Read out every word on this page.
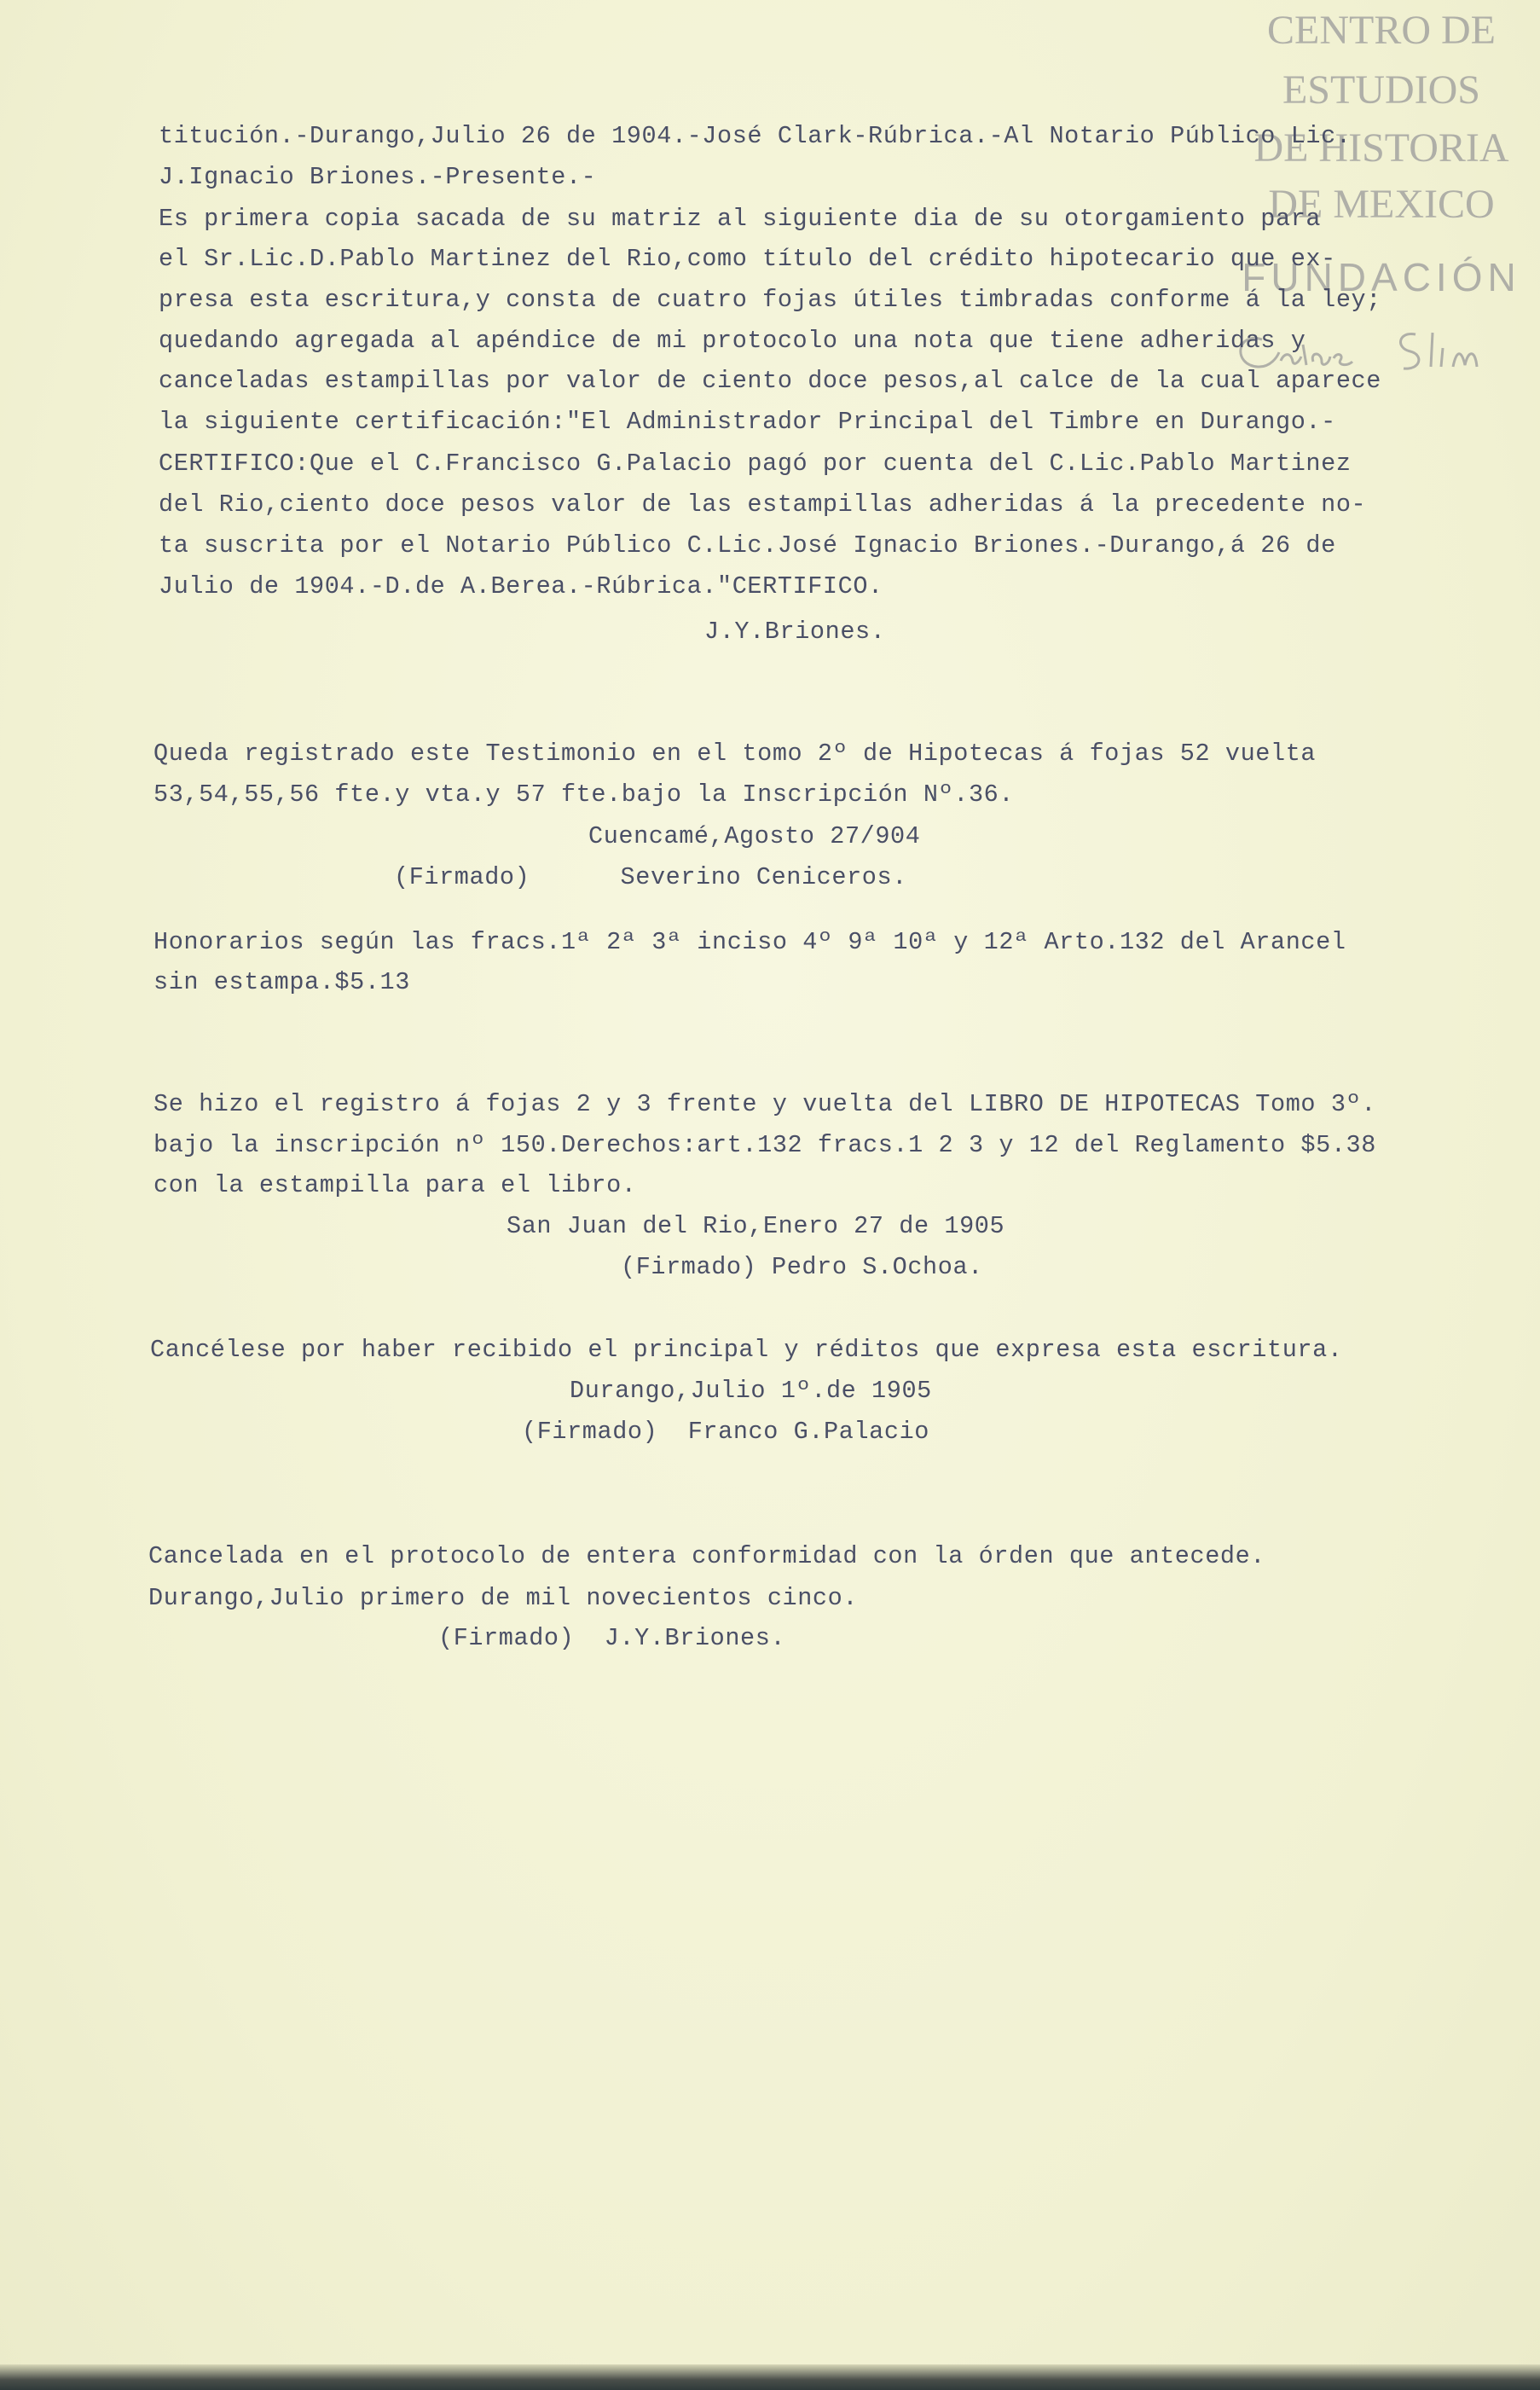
CENTRO DE

ESTUDIOS

DE HISTORIA

DE MEXICO

FUNDACIÓN

titución.-Durango,Julio 26 de 1904.-José Clark-Rúbrica.-Al Notario Público Lic.

J.Ignacio Briones.-Presente.-

Es primera copia sacada de su matriz al siguiente dia de su otorgamiento para

el Sr.Lic.D.Pablo Martinez del Rio,como título del crédito hipotecario que ex-

presa esta escritura,y consta de cuatro fojas útiles timbradas conforme á la ley;

quedando agregada al apéndice de mi protocolo una nota que tiene adheridas y

canceladas estampillas por valor de ciento doce pesos,al calce de la cual aparece

la siguiente certificación:"El Administrador Principal del Timbre en Durango.-

CERTIFICO:Que el C.Francisco G.Palacio pagó por cuenta del C.Lic.Pablo Martinez

del Rio,ciento doce pesos valor de las estampillas adheridas á la precedente no-

ta suscrita por el Notario Público C.Lic.José Ignacio Briones.-Durango,á 26 de

Julio de 1904.-D.de A.Berea.-Rúbrica."CERTIFICO.

J.Y.Briones.

Queda registrado este Testimonio en el tomo 2º de Hipotecas á fojas 52 vuelta

53,54,55,56 fte.y vta.y 57 fte.bajo la Inscripción Nº.36.

Cuencamé,Agosto 27/904

(Firmado)      Severino Ceniceros.

Honorarios según las fracs.1ª 2ª 3ª inciso 4º 9ª 10ª y 12ª Arto.132 del Arancel

sin estampa.$5.13

Se hizo el registro á fojas 2 y 3 frente y vuelta del LIBRO DE HIPOTECAS Tomo 3º.

bajo la inscripción nº 150.Derechos:art.132 fracs.1 2 3 y 12 del Reglamento $5.38

con la estampilla para el libro.

San Juan del Rio,Enero 27 de 1905

(Firmado) Pedro S.Ochoa.

Cancélese por haber recibido el principal y réditos que expresa esta escritura.

Durango,Julio 1º.de 1905

(Firmado)  Franco G.Palacio

Cancelada en el protocolo de entera conformidad con la órden que antecede.

Durango,Julio primero de mil novecientos cinco.

(Firmado)  J.Y.Briones.
